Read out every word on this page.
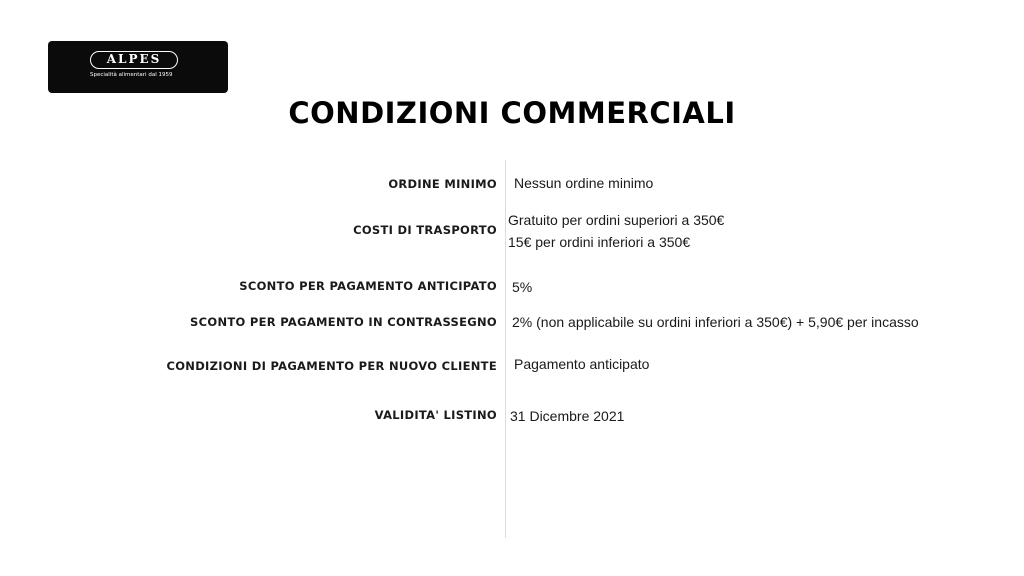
ALPES
Specialità alimentari dal 1959
CONDIZIONI COMMERCIALI
ORDINE MINIMO Nessun ordine minimo
COSTI DI TRASPORTO
Gratuito per ordini superiori a 350€
15€ per ordini inferiori a 350€
SCONTO PER PAGAMENTO ANTICIPATO 5%
SCONTO PER PAGAMENTO IN CONTRASSEGNO 2% (non applicabile su ordini inferiori a 350€) + 5,90€ per incasso
CONDIZIONI DI PAGAMENTO PER NUOVO CLIENTE Pagamento anticipato
VALIDITA' LISTINO 31 Dicembre 2021
